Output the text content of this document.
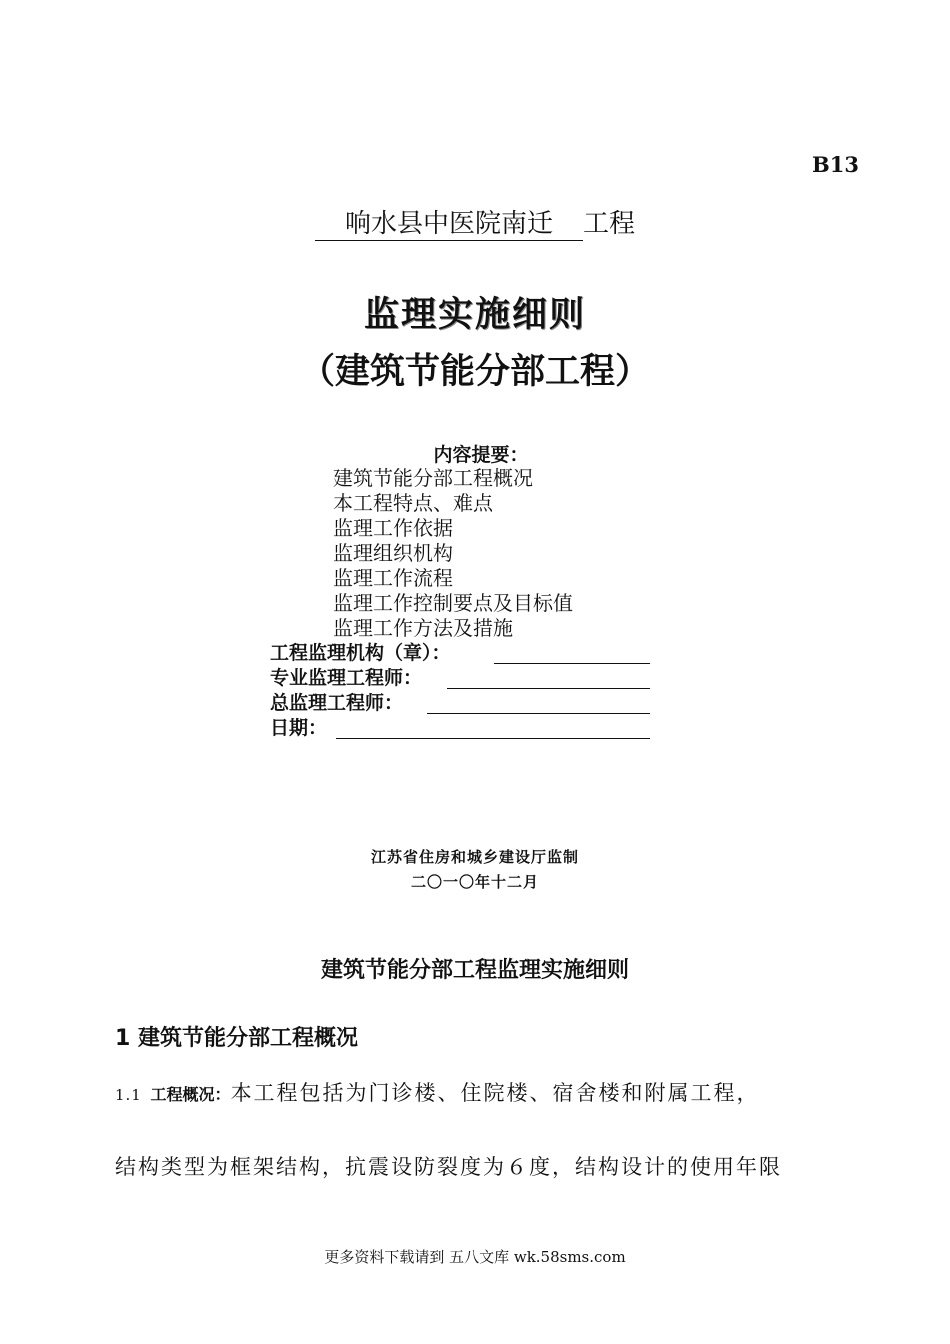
B13
响水县中医院南迁 工程
监理实施细则
（建筑节能分部工程）
内容提要：
建筑节能分部工程概况
本工程特点、难点
监理工作依据
监理组织机构
监理工作流程
监理工作控制要点及目标值
监理工作方法及措施
工程监理机构（章）：
专业监理工程师：
总监理工程师：
日期：
江苏省住房和城乡建设厅监制
二〇一〇年十二月
建筑节能分部工程监理实施细则
1 建筑节能分部工程概况
1.1 工程概况：本工程包括为门诊楼、住院楼、宿舍楼和附属工程，
结构类型为框架结构，抗震设防裂度为６度，结构设计的使用年限
更多资料下载请到 五八文库 wk.58sms.com
